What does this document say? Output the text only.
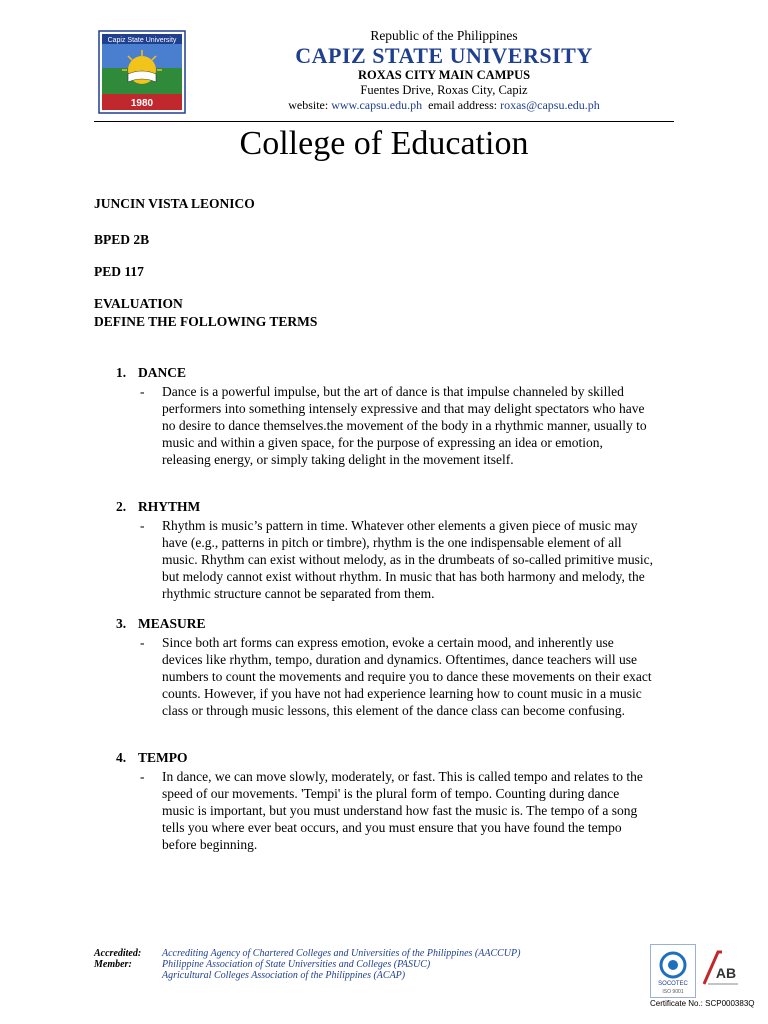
Capiz State University
1980
Republic of the Philippines
CAPIZ STATE UNIVERSITY
ROXAS CITY MAIN CAMPUS
Fuentes Drive, Roxas City, Capiz
website: www.capsu.edu.ph email address: roxas@capsu.edu.ph
College of Education
JUNCIN VISTA LEONICO
BPED 2B
PED 117
EVALUATION
DEFINE THE FOLLOWING TERMS
1. DANCE
- Dance is a powerful impulse, but the art of dance is that impulse channeled by skilled performers into something intensely expressive and that may delight spectators who have no desire to dance themselves.the movement of the body in a rhythmic manner, usually to music and within a given space, for the purpose of expressing an idea or emotion, releasing energy, or simply taking delight in the movement itself.
2. RHYTHM
- Rhythm is music’s pattern in time. Whatever other elements a given piece of music may have (e.g., patterns in pitch or timbre), rhythm is the one indispensable element of all music. Rhythm can exist without melody, as in the drumbeats of so-called primitive music, but melody cannot exist without rhythm. In music that has both harmony and melody, the rhythmic structure cannot be separated from them.
3. MEASURE
- Since both art forms can express emotion, evoke a certain mood, and inherently use devices like rhythm, tempo, duration and dynamics. Oftentimes, dance teachers will use numbers to count the movements and require you to dance these movements on their exact counts. However, if you have not had experience learning how to count music in a music class or through music lessons, this element of the dance class can become confusing.
4. TEMPO
- In dance, we can move slowly, moderately, or fast. This is called tempo and relates to the speed of our movements. 'Tempi' is the plural form of tempo. Counting during dance music is important, but you must understand how fast the music is. The tempo of a song tells you where ever beat occurs, and you must ensure that you have found the tempo before beginning.
Accredited:	Accrediting Agency of Chartered Colleges and Universities of the Philippines (AACCUP)
Member:	Philippine Association of State Universities and Colleges (PASUC)
Agricultural Colleges Association of the Philippines (ACAP)
SOCOTEC
ISO 9001
AB
Certificate No.: SCP000383Q
